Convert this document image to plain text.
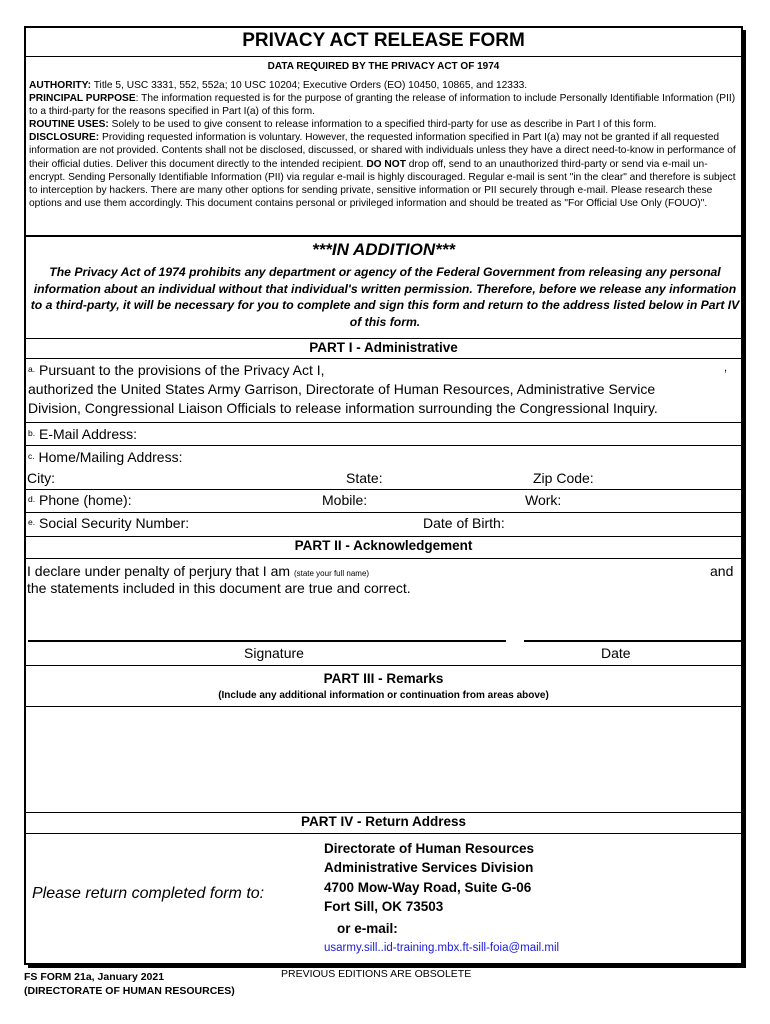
PRIVACY ACT RELEASE FORM
DATA REQUIRED BY THE PRIVACY ACT OF 1974

AUTHORITY: Title 5, USC 3331, 552, 552a; 10 USC 10204; Executive Orders (EO) 10450, 10865, and 12333.

PRINCIPAL PURPOSE: The information requested is for the purpose of granting the release of information to include Personally Identifiable Information (PII) to a third-party for the reasons specified in Part I(a) of this form.

ROUTINE USES: Solely to be used to give consent to release information to a specified third-party for use as describe in Part I of this form.

DISCLOSURE: Providing requested information is voluntary. However, the requested information specified in Part I(a) may not be granted if all requested information are not provided. Contents shall not be disclosed, discussed, or shared with individuals unless they have a direct need-to-know in performance of their official duties. Deliver this document directly to the intended recipient. DO NOT drop off, send to an unauthorized third-party or send via e-mail un-encrypt. Sending Personally Identifiable Information (PII) via regular e-mail is highly discouraged. Regular e-mail is sent "in the clear" and therefore is subject to interception by hackers. There are many other options for sending private, sensitive information or PII securely through e-mail. Please research these options and use them accordingly. This document contains personal or privileged information and should be treated as "For Official Use Only (FOUO)".

***IN ADDITION***
The Privacy Act of 1974 prohibits any department or agency of the Federal Government from releasing any personal information about an individual without that individual's written permission. Therefore, before we release any information to a third-party, it will be necessary for you to complete and sign this form and return to the address listed below in Part IV of this form.
PART I - Administrative
$^{a.}$ Pursuant to the provisions of the Privacy Act I,	,
authorized the United States Army Garrison, Directorate of Human Resources, Administrative Service
Division, Congressional Liaison Officials to release information surrounding the Congressional Inquiry.
$^{b.}$ E-Mail Address:
$^{c.}$ Home/Mailing Address:
City:	State:	Zip Code:
$^{d.}$ Phone (home):	Mobile:	Work:
$^{e.}$ Social Security Number:	Date of Birth:
PART II - Acknowledgement
I declare under penalty of perjury that I am (state your full name)	and
the statements included in this document are true and correct.
Signature	Date
PART III - Remarks
(Include any additional information or continuation from areas above)
PART IV - Return Address
Please return completed form to:
Directorate of Human Resources
Administrative Services Division
4700 Mow-Way Road, Suite G-06
Fort Sill, OK 73503
or e-mail:
usarmy.sill..id-training.mbx.ft-sill-foia@mail.mil
FS FORM 21a, January 2021
(DIRECTORATE OF HUMAN RESOURCES)
PREVIOUS EDITIONS ARE OBSOLETE
